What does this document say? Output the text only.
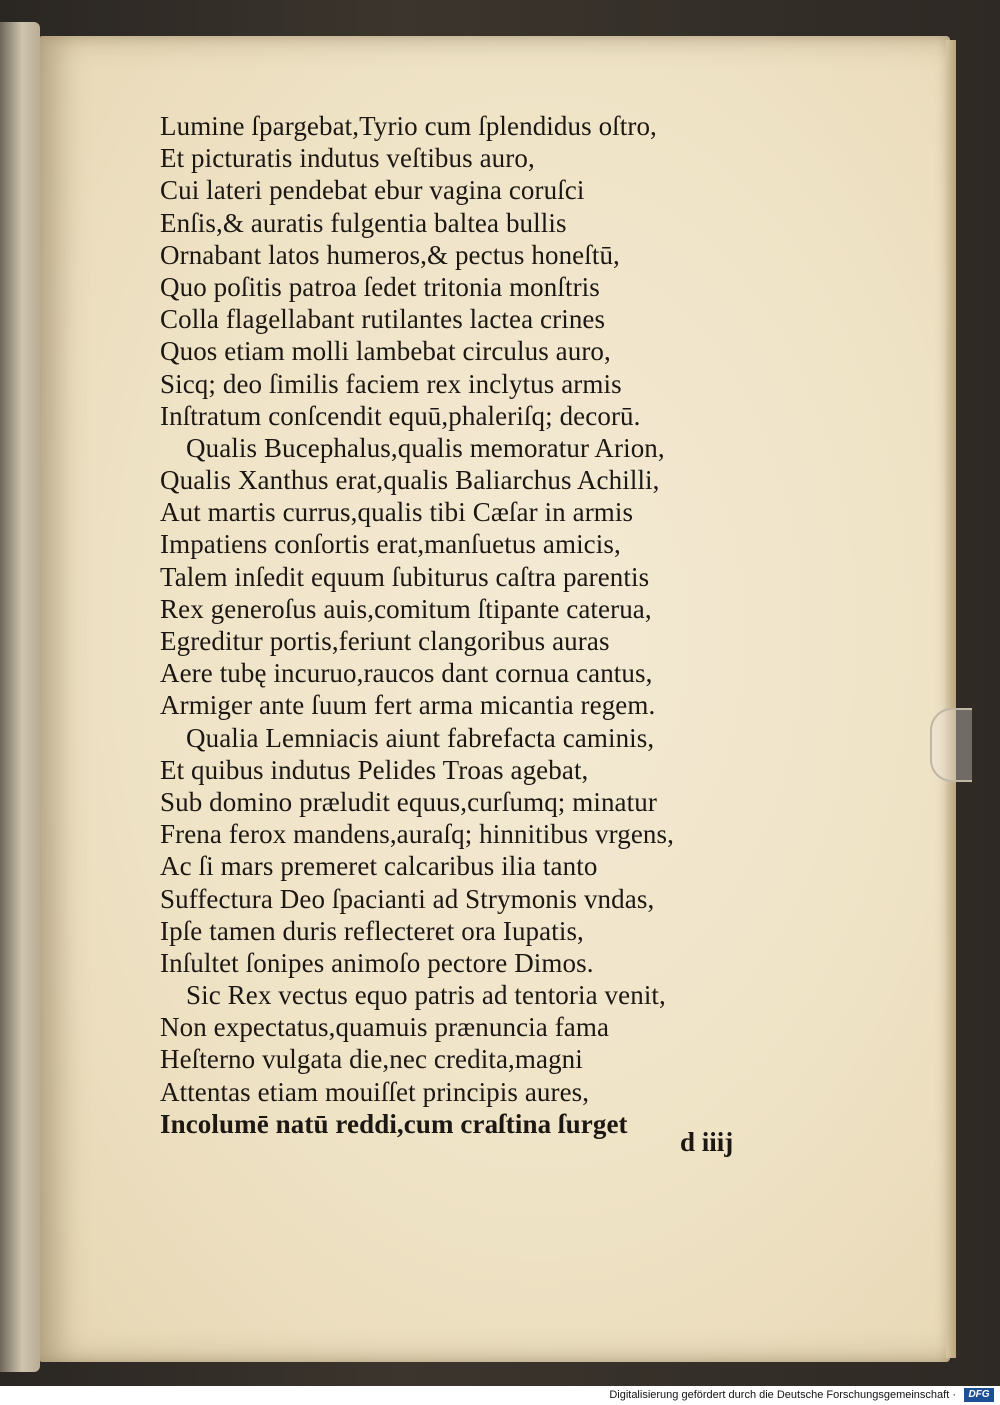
Lumine ſpargebat,Tyrio cum ſplendidus oſtro,
Et picturatis indutus veſtibus auro,
Cui lateri pendebat ebur vagina coruſci
Enſis,& auratis fulgentia baltea bullis
Ornabant latos humeros,& pectus honeſtū,
Quo poſitis patroa ſedet tritonia monſtris
Colla flagellabant rutilantes lactea crines
Quos etiam molli lambebat circulus auro,
Sicq; deo ſimilis faciem rex inclytus armis
Inſtratum conſcendit equū,phaleriſq; decorū.
Qualis Bucephalus,qualis memoratur Arion,
Qualis Xanthus erat,qualis Baliarchus Achilli,
Aut martis currus,qualis tibi Cæſar in armis
Impatiens conſortis erat,manſuetus amicis,
Talem inſedit equum ſubiturus caſtra parentis
Rex generoſus auis,comitum ſtipante caterua,
Egreditur portis,feriunt clangoribus auras
Aere tubę incuruo,raucos dant cornua cantus,
Armiger ante ſuum fert arma micantia regem.
Qualia Lemniacis aiunt fabrefacta caminis,
Et quibus indutus Pelides Troas agebat,
Sub domino præludit equus,curſumq; minatur
Frena ferox mandens,auraſq; hinnitibus vrgens,
Ac ſi mars premeret calcaribus ilia tanto
Suffectura Deo ſpacianti ad Strymonis vndas,
Ipſe tamen duris reflecteret ora Iupatis,
Inſultet ſonipes animoſo pectore Dimos.
Sic Rex vectus equo patris ad tentoria venit,
Non expectatus,quamuis prænuncia fama
Heſterno vulgata die,nec credita,magni
Attentas etiam mouiſſet principis aures,
Incolumē natū reddi,cum craſtina ſurget
d iiij
Digitalisierung gefördert durch die Deutsche Forschungsgemeinschaft ·	DFG
